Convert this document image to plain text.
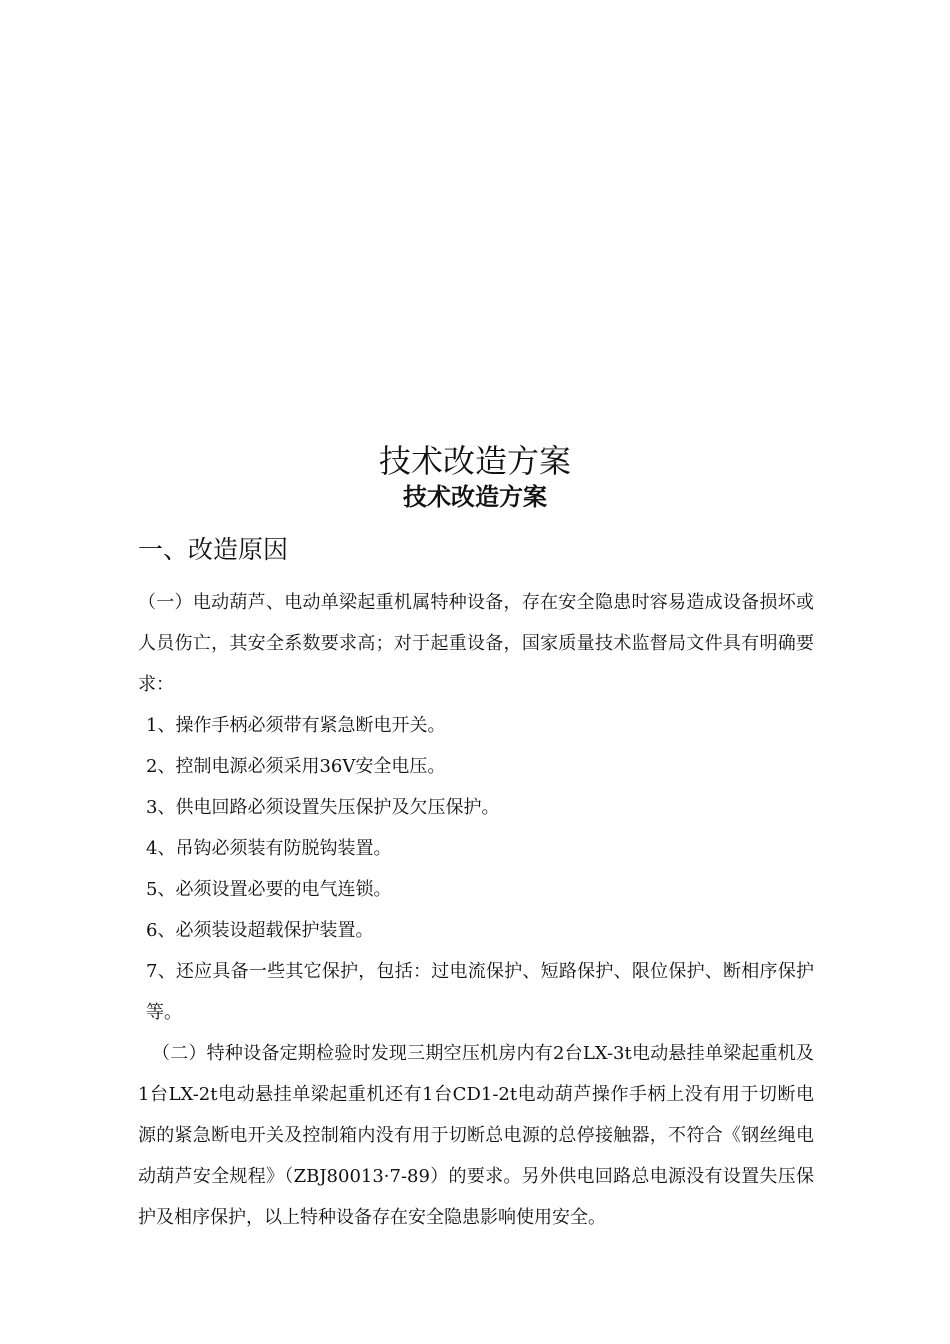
技术改造方案
技术改造方案
一、改造原因

（一）电动葫芦、电动单梁起重机属特种设备，存在安全隐患时容易造成设备损坏或人员伤亡，其安全系数要求高；对于起重设备，国家质量技术监督局文件具有明确要求：

1、操作手柄必须带有紧急断电开关。

2、控制电源必须采用36V安全电压。

3、供电回路必须设置失压保护及欠压保护。

4、吊钩必须装有防脱钩装置。

5、必须设置必要的电气连锁。

6、必须装设超载保护装置。

7、还应具备一些其它保护，包括：过电流保护、短路保护、限位保护、断相序保护等。

（二）特种设备定期检验时发现三期空压机房内有2台LX-3t电动悬挂单梁起重机及1台LX-2t电动悬挂单梁起重机还有1台CD1-2t电动葫芦操作手柄上没有用于切断电源的紧急断电开关及控制箱内没有用于切断总电源的总停接触器，不符合《钢丝绳电动葫芦安全规程》（ZBJ80013·7-89）的要求。另外供电回路总电源没有设置失压保护及相序保护，以上特种设备存在安全隐患影响使用安全。
